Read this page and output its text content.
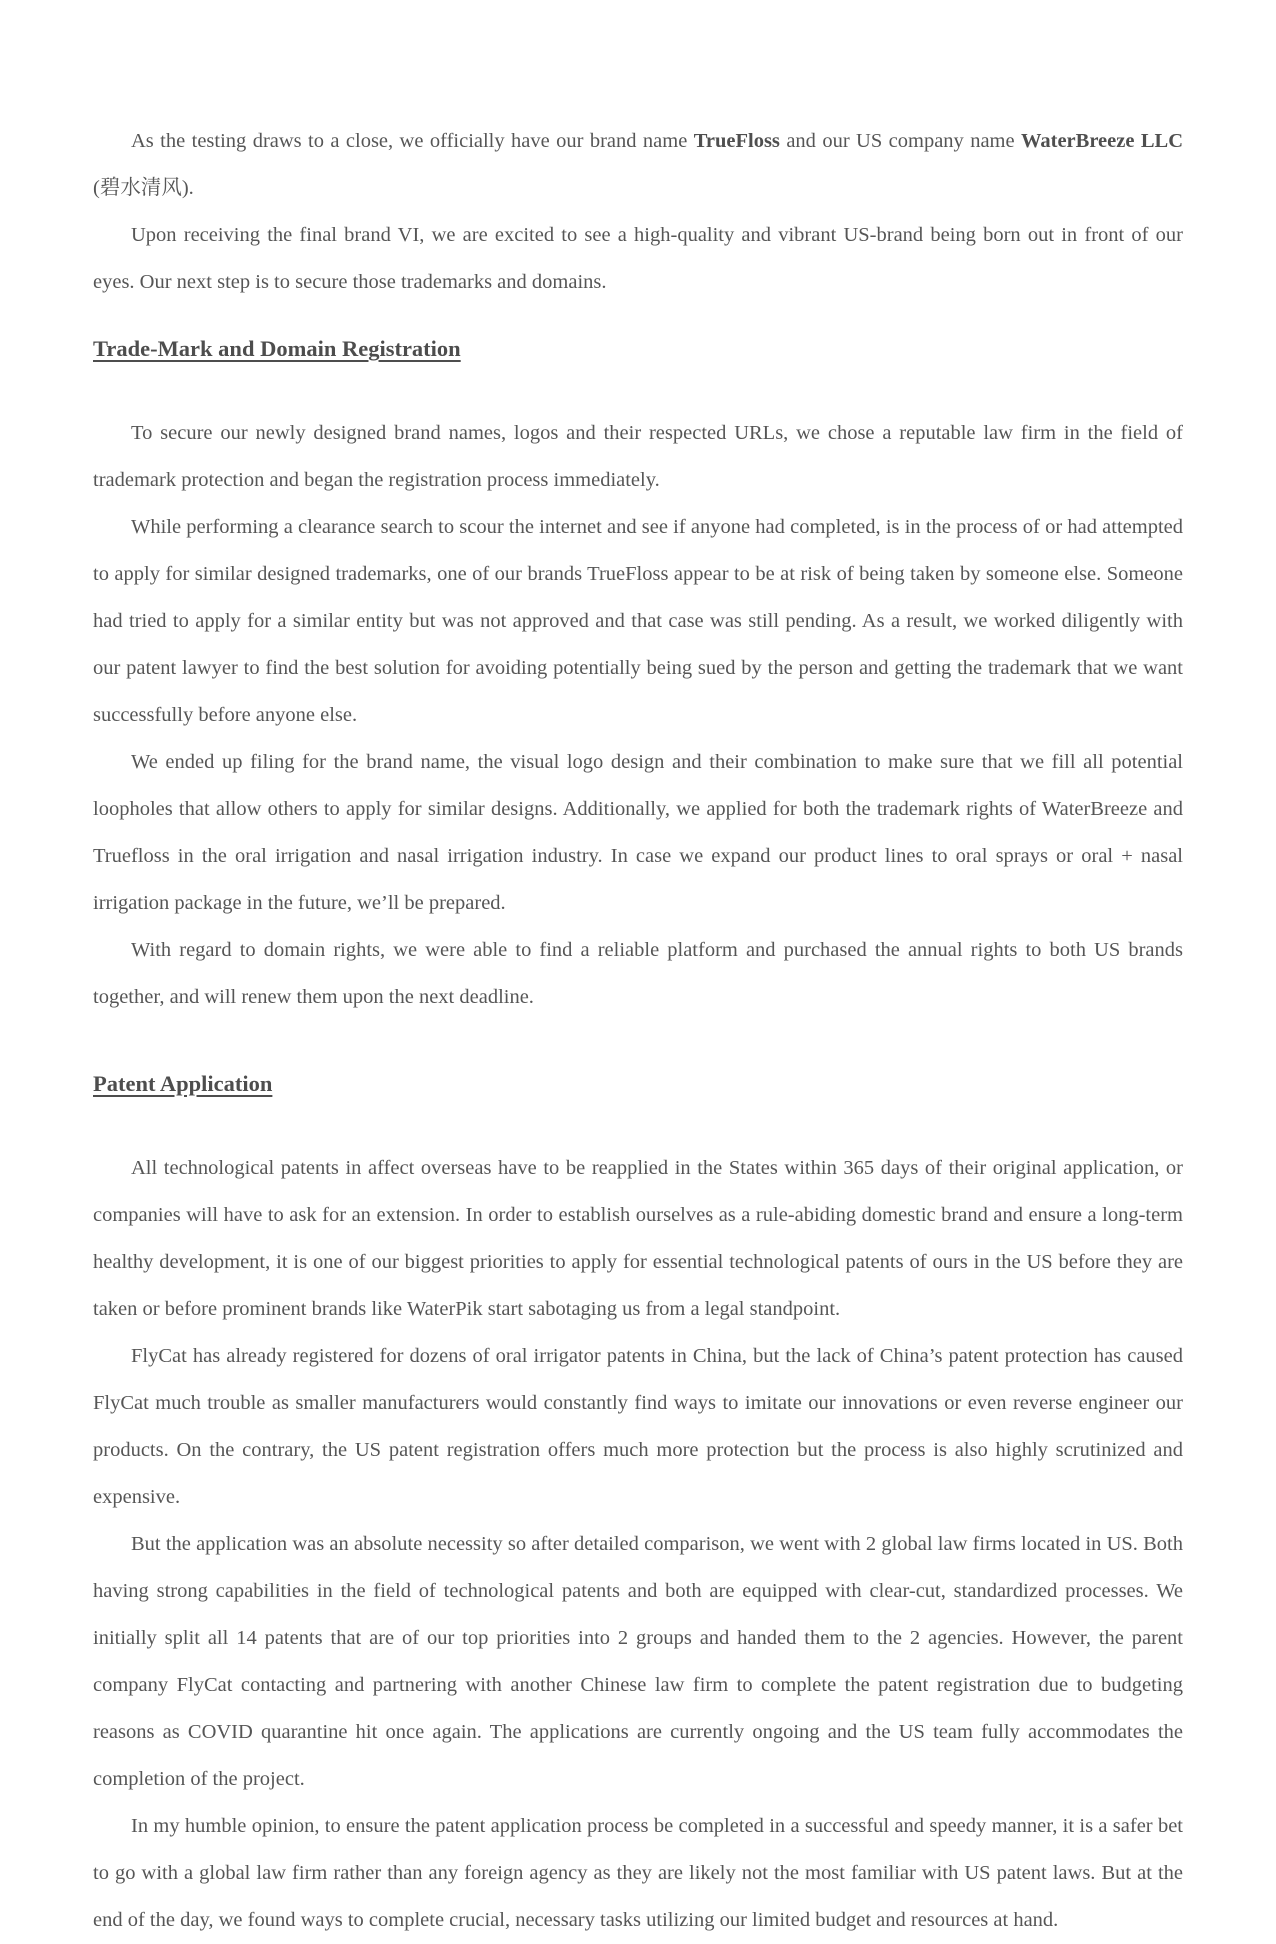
As the testing draws to a close, we officially have our brand name TrueFloss and our US company name WaterBreeze LLC (碧水清风).

Upon receiving the final brand VI, we are excited to see a high-quality and vibrant US-brand being born out in front of our eyes. Our next step is to secure those trademarks and domains.

Trade-Mark and Domain Registration

To secure our newly designed brand names, logos and their respected URLs, we chose a reputable law firm in the field of trademark protection and began the registration process immediately.

While performing a clearance search to scour the internet and see if anyone had completed, is in the process of or had attempted to apply for similar designed trademarks, one of our brands TrueFloss appear to be at risk of being taken by someone else. Someone had tried to apply for a similar entity but was not approved and that case was still pending. As a result, we worked diligently with our patent lawyer to find the best solution for avoiding potentially being sued by the person and getting the trademark that we want successfully before anyone else.

We ended up filing for the brand name, the visual logo design and their combination to make sure that we fill all potential loopholes that allow others to apply for similar designs. Additionally, we applied for both the trademark rights of WaterBreeze and Truefloss in the oral irrigation and nasal irrigation industry. In case we expand our product lines to oral sprays or oral + nasal irrigation package in the future, we’ll be prepared.

With regard to domain rights, we were able to find a reliable platform and purchased the annual rights to both US brands together, and will renew them upon the next deadline.

Patent Application

All technological patents in affect overseas have to be reapplied in the States within 365 days of their original application, or companies will have to ask for an extension. In order to establish ourselves as a rule-abiding domestic brand and ensure a long-term healthy development, it is one of our biggest priorities to apply for essential technological patents of ours in the US before they are taken or before prominent brands like WaterPik start sabotaging us from a legal standpoint.

FlyCat has already registered for dozens of oral irrigator patents in China, but the lack of China’s patent protection has caused FlyCat much trouble as smaller manufacturers would constantly find ways to imitate our innovations or even reverse engineer our products. On the contrary, the US patent registration offers much more protection but the process is also highly scrutinized and expensive.

But the application was an absolute necessity so after detailed comparison, we went with 2 global law firms located in US. Both having strong capabilities in the field of technological patents and both are equipped with clear-cut, standardized processes. We initially split all 14 patents that are of our top priorities into 2 groups and handed them to the 2 agencies. However, the parent company FlyCat contacting and partnering with another Chinese law firm to complete the patent registration due to budgeting reasons as COVID quarantine hit once again. The applications are currently ongoing and the US team fully accommodates the completion of the project.

In my humble opinion, to ensure the patent application process be completed in a successful and speedy manner, it is a safer bet to go with a global law firm rather than any foreign agency as they are likely not the most familiar with US patent laws. But at the end of the day, we found ways to complete crucial, necessary tasks utilizing our limited budget and resources at hand.
